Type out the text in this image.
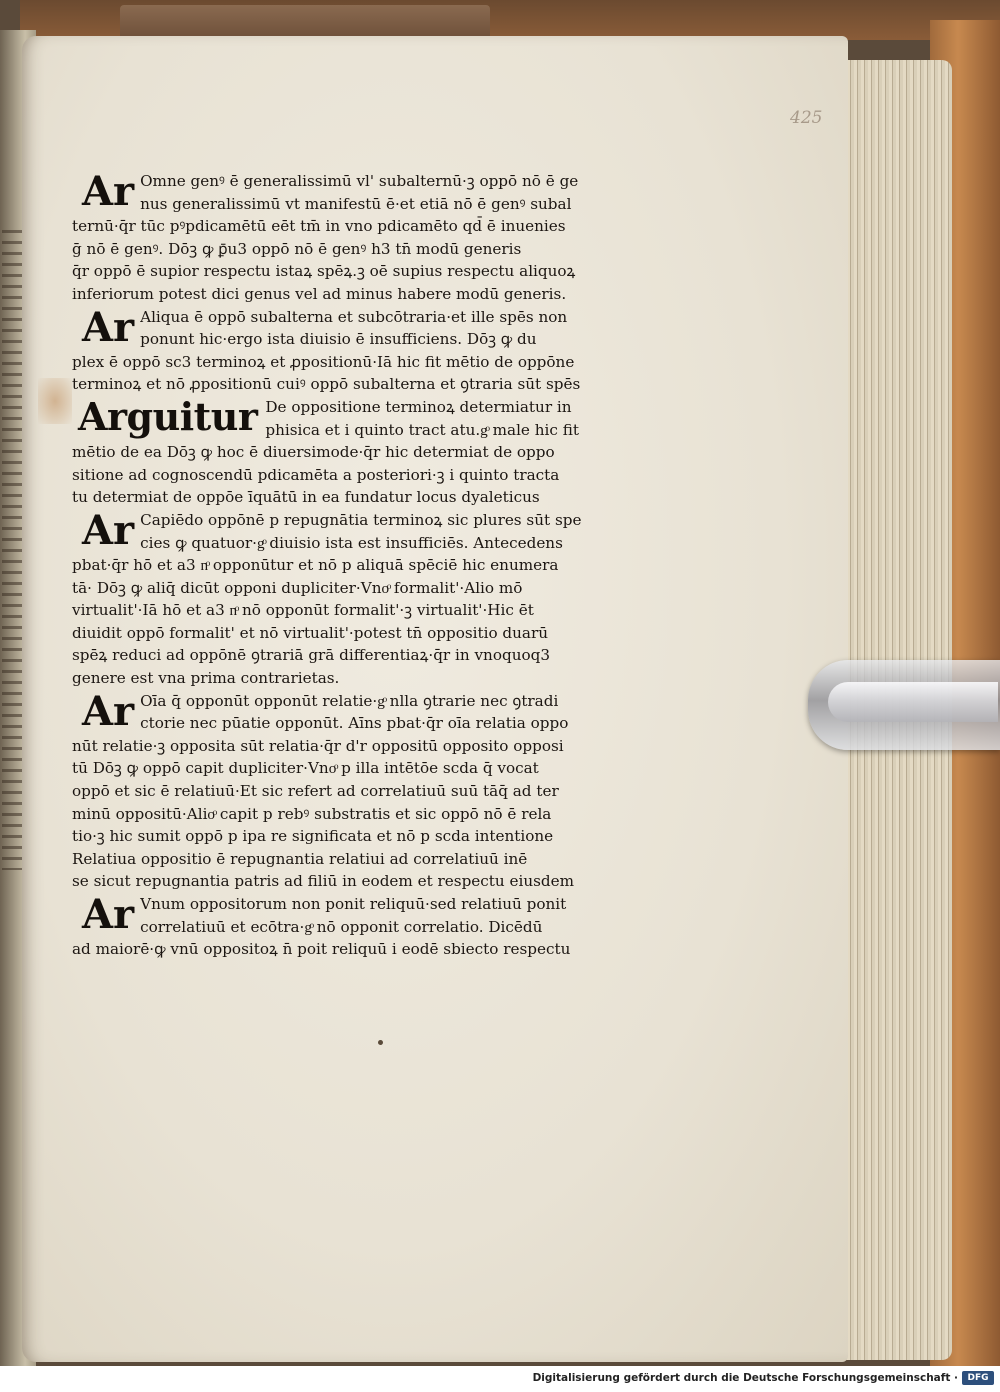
425
Ar Omne genꝰ ē generalissimū vl' subalternū·ꝫ oppō nō ē ge
nus generalissimū vt manifestū ē·et etiā nō ē genꝰ subal
ternū·q̄r tūc pꝰpdicamētū eēt tm̄ in vno pdicamēto qd̄ ē inuenies
ḡ nō ē genꝰ. Dōꝫ ꝙ ꝑ̄u3 oppō nō ē genꝰ h3 tn̄ modū generis
q̄r oppō ē supior respectu istaꝝ spēꝝ.ꝫ oē supius respectu aliquoꝝ
inferiorum potest dici genus vel ad minus habere modū generis.
Ar Aliqua ē oppō subalterna et subcōtraria·et ille spēs non
ponunt hic·ergo ista diuisio ē insufficiens. Dōꝫ ꝙ du
plex ē oppō sc3 terminoꝝ et ꝓpositionū·Iā hic fit mētio de oppōne
terminoꝝ et nō ꝓpositionū cuiꝰ oppō subalterna et ꝯtraria sūt spēs
Arguitur De oppositione terminoꝝ determiatur in
phisica et i quinto tract atu.gͦ male hic fit
mētio de ea Dōꝫ ꝙ hoc ē diuersimode·q̄r hic determiat de oppo
sitione ad cognoscendū pdicamēta a posteriori·ꝫ i quinto tracta
tu determiat de oppōe īquātū in ea fundatur locus dyaleticus
Ar Capiēdo oppōnē p repugnātia terminoꝝ sic plures sūt spe
cies ꝙ quatuor·gͦ diuisio ista est insufficiēs. Antecedens
pbat·q̄r hō et a3 nͦ opponūtur et nō p aliquā spēciē hic enumera
tā· Dōꝫ ꝙ aliq̄ dicūt opponi dupliciter·Vnoͦ formalit'·Alio mō
virtualit'·Iā hō et a3 nͦ nō opponūt formalit'·ꝫ virtualit'·Hic ēt
diuidit oppō formalit' et nō virtualit'·potest tn̄ oppositio duarū
spēꝝ reduci ad oppōnē ꝯtrariā grā differentiaꝝ·q̄r in vnoquoq3
genere est vna prima contrarietas.
Ar Oīa q̄ opponūt opponūt relatie·gͦ nlla ꝯtrarie nec ꝯtradi
ctorie nec pūatie opponūt. Aīns pbat·q̄r oīa relatia oppo
nūt relatie·ꝫ opposita sūt relatia·q̄r d'r oppositū opposito opposi
tū Dōꝫ ꝙ oppō capit dupliciter·Vnoͦ p illa intētōe scda q̄ vocat
oppō et sic ē relatiuū·Et sic refert ad correlatiuū suū tāq̄ ad ter
minū oppositū·Alioͦ capit p rebꝰ substratis et sic oppō nō ē rela
tio·ꝫ hic sumit oppō p ipa re significata et nō p scda intentione
Relatiua oppositio ē repugnantia relatiui ad correlatiuū inē
se sicut repugnantia patris ad filiū in eodem et respectu eiusdem
Ar Vnum oppositorum non ponit reliquū·sed relatiuū ponit
correlatiuū et ecōtra·gͦ nō opponit correlatio. Dicēdū
ad maiorē·ꝙ vnū oppositoꝝ n̄ poit reliquū i eodē sbiecto respectu
Digitalisierung gefördert durch die Deutsche Forschungsgemeinschaft ·	DFG
